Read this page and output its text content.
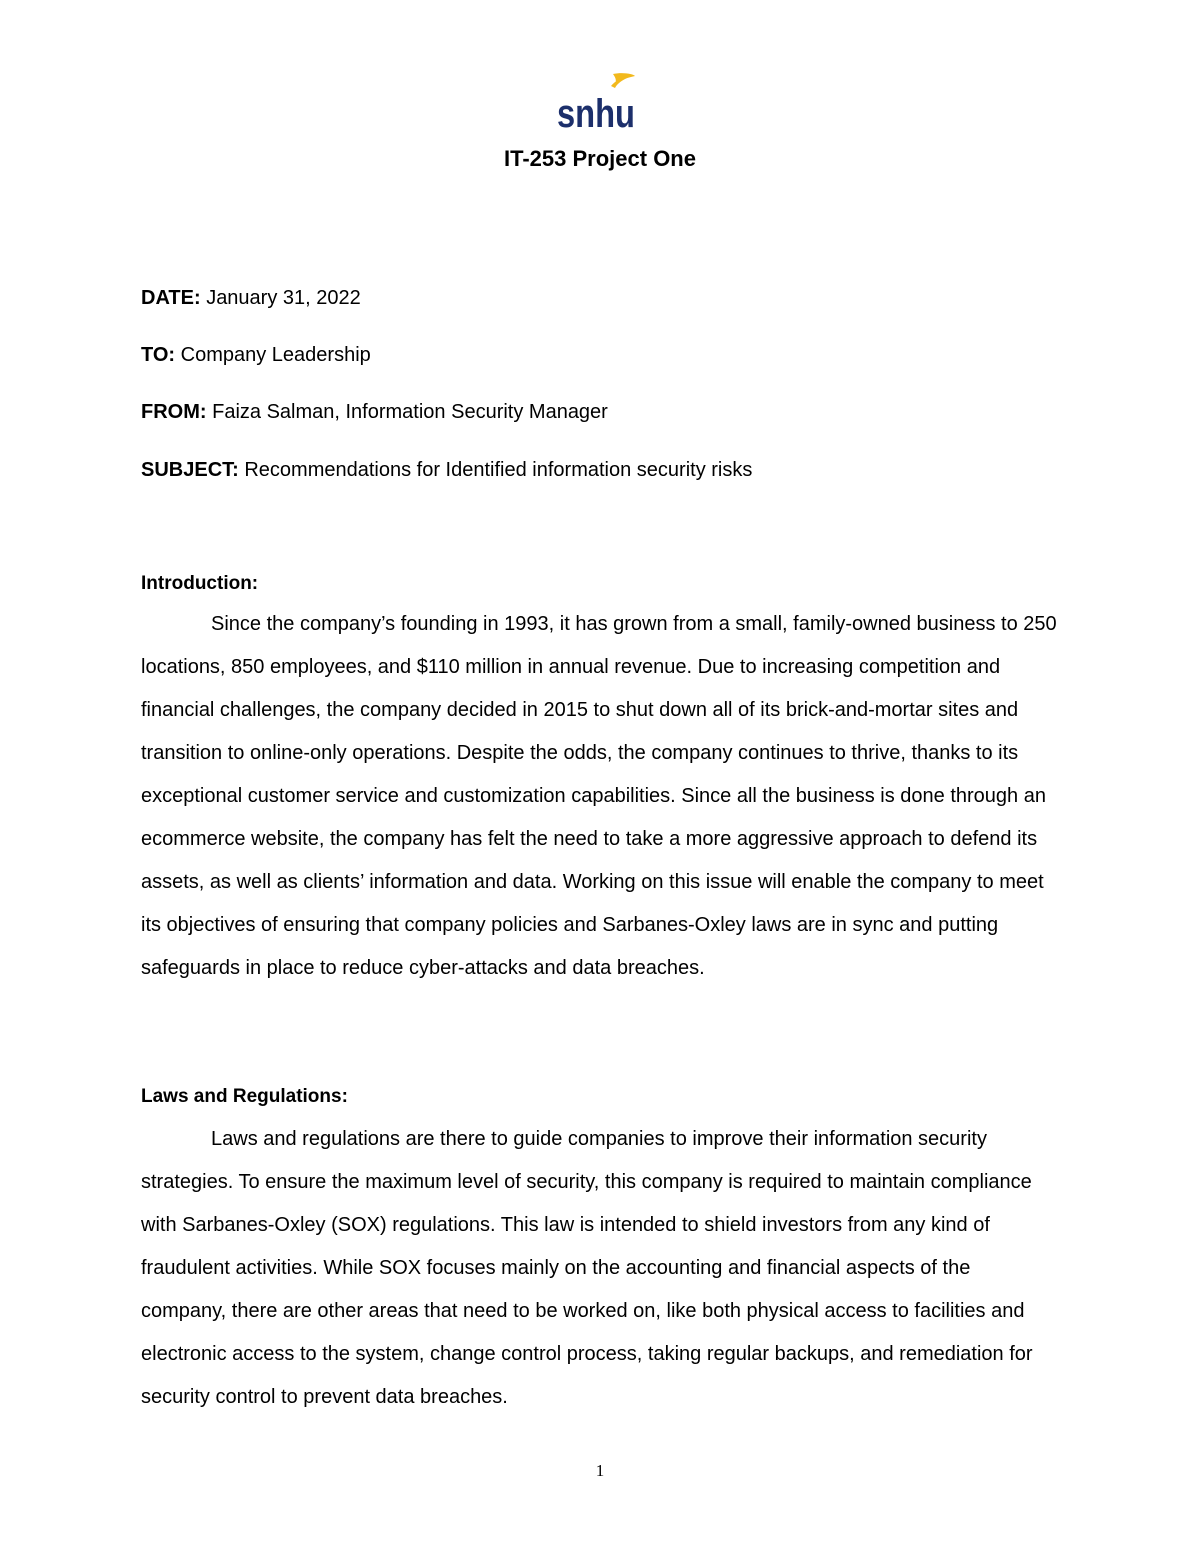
snhu
IT-253 Project One
DATE: January 31, 2022
TO: Company Leadership
FROM: Faiza Salman, Information Security Manager
SUBJECT: Recommendations for Identified information security risks
Introduction:

Since the company’s founding in 1993, it has grown from a small, family-owned business to 250 locations, 850 employees, and $110 million in annual revenue. Due to increasing competition and financial challenges, the company decided in 2015 to shut down all of its brick-and-mortar sites and transition to online-only operations. Despite the odds, the company continues to thrive, thanks to its exceptional customer service and customization capabilities. Since all the business is done through an ecommerce website, the company has felt the need to take a more aggressive approach to defend its assets, as well as clients’ information and data. Working on this issue will enable the company to meet its objectives of ensuring that company policies and Sarbanes-Oxley laws are in sync and putting safeguards in place to reduce cyber-attacks and data breaches.

Laws and Regulations:

Laws and regulations are there to guide companies to improve their information security strategies. To ensure the maximum level of security, this company is required to maintain compliance with Sarbanes-Oxley (SOX) regulations. This law is intended to shield investors from any kind of fraudulent activities. While SOX focuses mainly on the accounting and financial aspects of the company, there are other areas that need to be worked on, like both physical access to facilities and electronic access to the system, change control process, taking regular backups, and remediation for security control to prevent data breaches.

1
